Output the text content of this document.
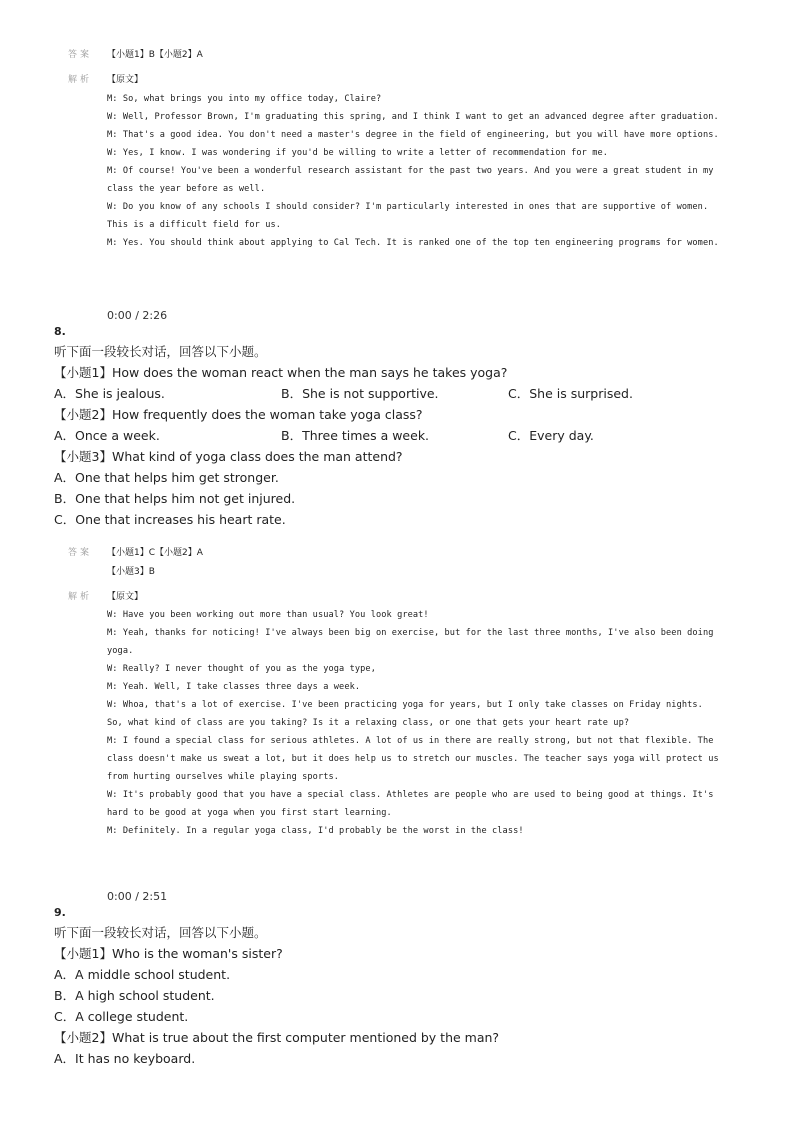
答案	【小题1】B【小题2】A
解析	【原文】
M: So, what brings you into my office today, Claire?
W: Well, Professor Brown, I'm graduating this spring, and I think I want to get an advanced degree after graduation.
M: That's a good idea. You don't need a master's degree in the field of engineering, but you will have more options.
W: Yes, I know. I was wondering if you'd be willing to write a letter of recommendation for me.
M: Of course! You've been a wonderful research assistant for the past two years. And you were a great student in my
class the year before as well.
W: Do you know of any schools I should consider? I'm particularly interested in ones that are supportive of women.
This is a difficult field for us.
M: Yes. You should think about applying to Cal Tech. It is ranked one of the top ten engineering programs for women.
0:00 / 2:26
8.
听下面一段较长对话，回答以下小题。
【小题1】How does the woman react when the man says he takes yoga?
A．She is jealous.	B．She is not supportive.	C．She is surprised.
【小题2】How frequently does the woman take yoga class?
A．Once a week.	B．Three times a week.	C．Every day.
【小题3】What kind of yoga class does the man attend?
A．One that helps him get stronger.
B．One that helps him not get injured.
C．One that increases his heart rate.
答案	【小题1】C【小题2】A
【小题3】B
解析	【原文】
W: Have you been working out more than usual? You look great!
M: Yeah, thanks for noticing! I've always been big on exercise, but for the last three months, I've also been doing
yoga.
W: Really? I never thought of you as the yoga type,
M: Yeah. Well, I take classes three days a week.
W: Whoa, that's a lot of exercise. I've been practicing yoga for years, but I only take classes on Friday nights.
So, what kind of class are you taking? Is it a relaxing class, or one that gets your heart rate up?
M: I found a special class for serious athletes. A lot of us in there are really strong, but not that flexible. The
class doesn't make us sweat a lot, but it does help us to stretch our muscles. The teacher says yoga will protect us
from hurting ourselves while playing sports.
W: It's probably good that you have a special class. Athletes are people who are used to being good at things. It's
hard to be good at yoga when you first start learning.
M: Definitely. In a regular yoga class, I'd probably be the worst in the class!
0:00 / 2:51
9.
听下面一段较长对话，回答以下小题。
【小题1】Who is the woman's sister?
A．A middle school student.
B．A high school student.
C．A college student.
【小题2】What is true about the first computer mentioned by the man?
A．It has no keyboard.
